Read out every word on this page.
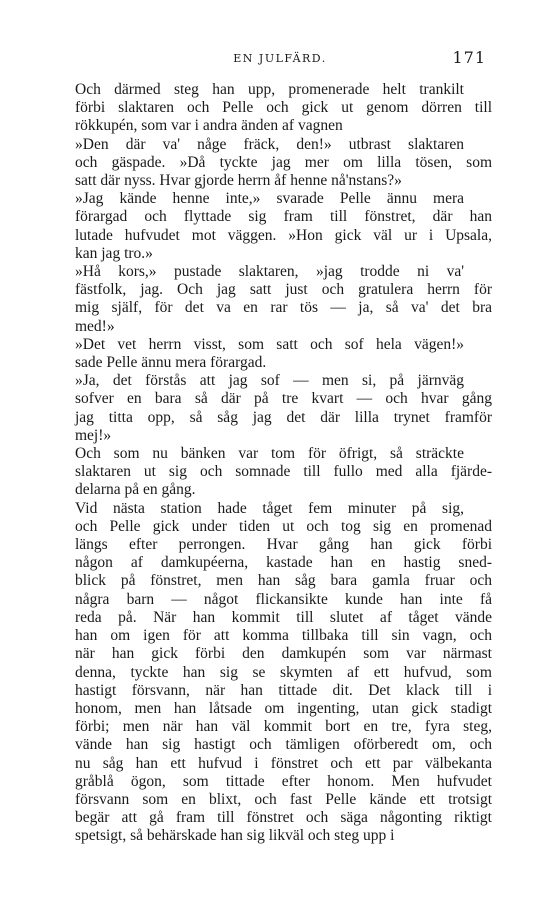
EN JULFÄRD.	171
Och därmed steg han upp, promenerade helt trankilt
förbi slaktaren och Pelle och gick ut genom dörren till
rökkupén, som var i andra änden af vagnen
»Den där va' någe fräck, den!» utbrast slaktaren
och gäspade. »Då tyckte jag mer om lilla tösen, som
satt där nyss. Hvar gjorde herrn åf henne nå'nstans?»
»Jag kände henne inte,» svarade Pelle ännu mera
förargad och flyttade sig fram till fönstret, där han
lutade hufvudet mot väggen. »Hon gick väl ur i Upsala,
kan jag tro.»
»Hå kors,» pustade slaktaren, »jag trodde ni va'
fästfolk, jag. Och jag satt just och gratulera herrn för
mig själf, för det va en rar tös — ja, så va' det bra
med!»
»Det vet herrn visst, som satt och sof hela vägen!»
sade Pelle ännu mera förargad.
»Ja, det förstås att jag sof — men si, på järnväg
sofver en bara så där på tre kvart — och hvar gång
jag titta opp, så såg jag det där lilla trynet framför
mej!»
Och som nu bänken var tom för öfrigt, så sträckte
slaktaren ut sig och somnade till fullo med alla fjärde-
delarna på en gång.
Vid nästa station hade tåget fem minuter på sig,
och Pelle gick under tiden ut och tog sig en promenad
längs efter perrongen. Hvar gång han gick förbi
någon af damkupéerna, kastade han en hastig sned-
blick på fönstret, men han såg bara gamla fruar och
några barn — något flickansikte kunde han inte få
reda på. När han kommit till slutet af tåget vände
han om igen för att komma tillbaka till sin vagn, och
när han gick förbi den damkupén som var närmast
denna, tyckte han sig se skymten af ett hufvud, som
hastigt försvann, när han tittade dit. Det klack till i
honom, men han låtsade om ingenting, utan gick stadigt
förbi; men när han väl kommit bort en tre, fyra steg,
vände han sig hastigt och tämligen oförberedt om, och
nu såg han ett hufvud i fönstret och ett par välbekanta
gråblå ögon, som tittade efter honom. Men hufvudet
försvann som en blixt, och fast Pelle kände ett trotsigt
begär att gå fram till fönstret och säga någonting riktigt
spetsigt, så behärskade han sig likväl och steg upp i
